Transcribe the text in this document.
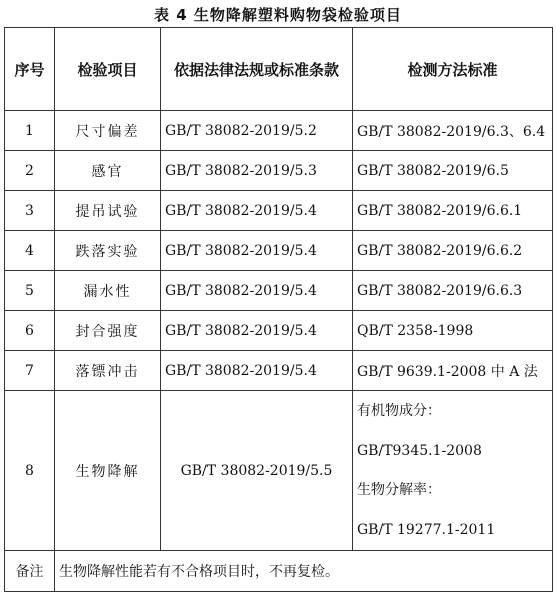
表 4 生物降解塑料购物袋检验项目
序号	检验项目	依据法律法规或标准条款	检测方法标准
1	尺寸偏差	GB/T 38082-2019/5.2	GB/T 38082-2019/6.3、6.4
2	感官	GB/T 38082-2019/5.3	GB/T 38082-2019/6.5
3	提吊试验	GB/T 38082-2019/5.4	GB/T 38082-2019/6.6.1
4	跌落实验	GB/T 38082-2019/5.4	GB/T 38082-2019/6.6.2
5	漏水性	GB/T 38082-2019/5.4	GB/T 38082-2019/6.6.3
6	封合强度	GB/T 38082-2019/5.4	QB/T 2358-1998
7	落镖冲击	GB/T 38082-2019/5.4	GB/T 9639.1-2008 中 A 法
8	生物降解	GB/T 38082-2019/5.5	有机物成分：
GB/T9345.1-2008
生物分解率：
GB/T 19277.1-2011

备注	生物降解性能若有不合格项目时，不再复检。		
